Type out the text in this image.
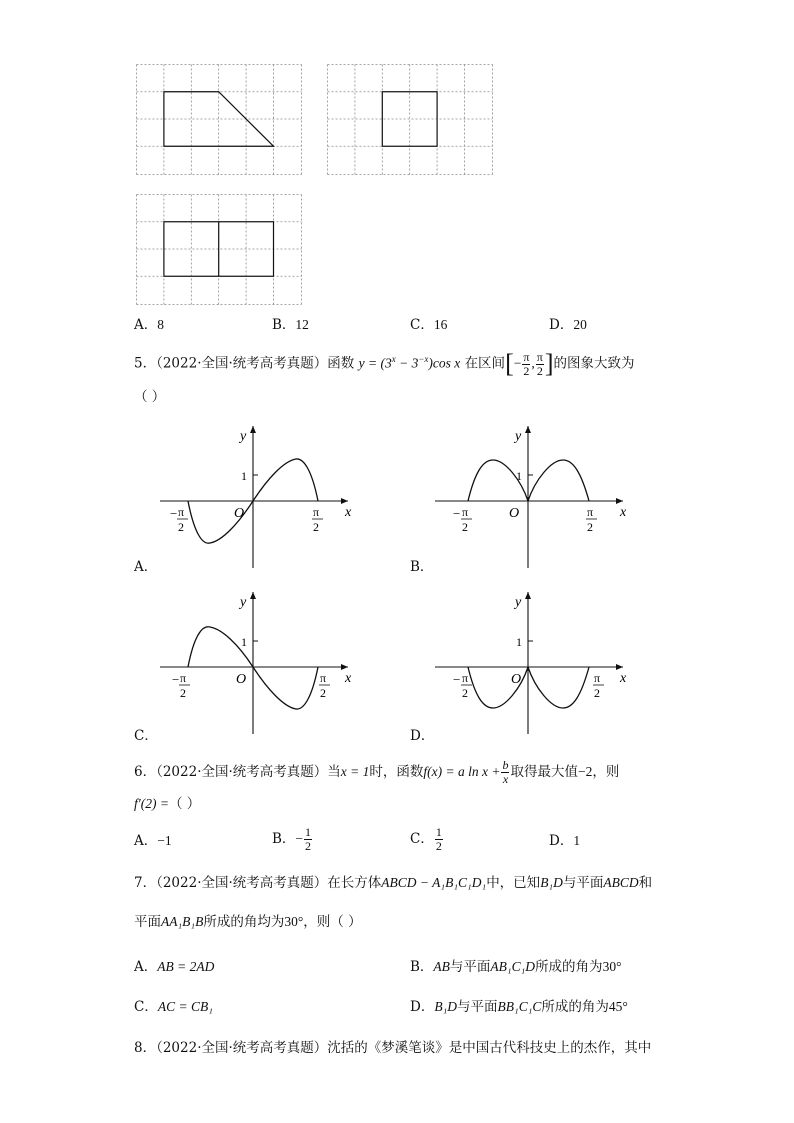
A．8	B．12	C．16	D．20
5．（2022·全国·统考高考真题）函数 $y = (3^x - 3^{-x})\cos$ x 在区间[− $\frac{\pi}{2}$ , $\frac{\pi}{2}$ ]的图象大致为
（ ）
y
x
O
1
− π
2
π
2
A．
y
x
O
1
− π
2
π
2
B．
y
x
O
1
− π
2
π
2
C．
y
x
O
1
− π
2
π
2
D．
6．（2022·全国·统考高考真题）当x = 1时，函数f(x) = a $\ln x + \frac{b}{x}$ 取得最大值−2，则
f′(2) =（ ）
A．−1	B．− $\frac{1}{2}$	C． $\frac{1}{2}$	D．1
7．（2022·全国·统考高考真题）在长方体ABCD − A₁B₁C₁D₁中，已知B₁D与平面ABCD和
平面AA₁B₁B所成的角均为30°，则（ ）
A．AB = 2AD	B．AB与平面AB₁C₁D所成的角为30°
C．AC = CB₁	D．B₁D与平面BB₁C₁C所成的角为45°
8．（2022·全国·统考高考真题）沈括的《梦溪笔谈》是中国古代科技史上的杰作，其中
